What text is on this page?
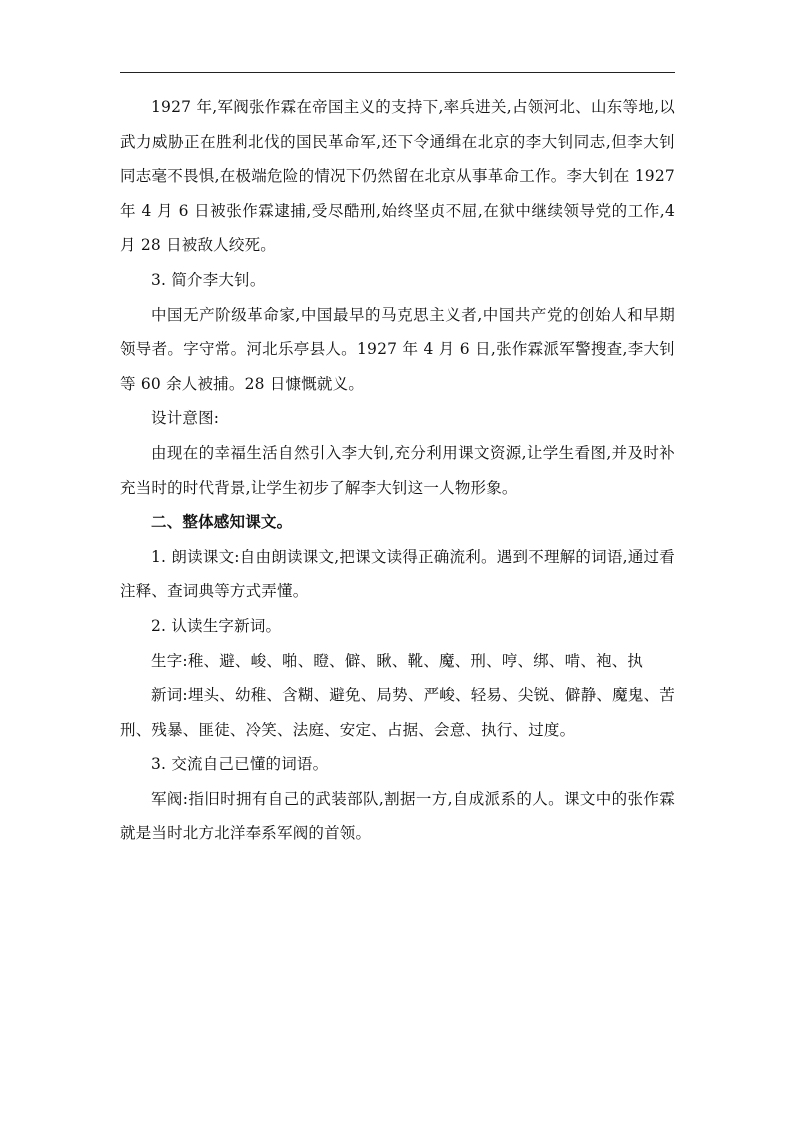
1927 年,军阀张作霖在帝国主义的支持下,率兵进关,占领河北、山东等地,以武力威胁正在胜利北伐的国民革命军,还下令通缉在北京的李大钊同志,但李大钊同志毫不畏惧,在极端危险的情况下仍然留在北京从事革命工作。李大钊在 1927 年 4 月 6 日被张作霖逮捕,受尽酷刑,始终坚贞不屈,在狱中继续领导党的工作,4 月 28 日被敌人绞死。

3. 简介李大钊。

中国无产阶级革命家,中国最早的马克思主义者,中国共产党的创始人和早期领导者。字守常。河北乐亭县人。1927 年 4 月 6 日,张作霖派军警搜查,李大钊等 60 余人被捕。28 日慷慨就义。

设计意图:

由现在的幸福生活自然引入李大钊,充分利用课文资源,让学生看图,并及时补充当时的时代背景,让学生初步了解李大钊这一人物形象。

二、整体感知课文。

1. 朗读课文:自由朗读课文,把课文读得正确流利。遇到不理解的词语,通过看注释、查词典等方式弄懂。

2. 认读生字新词。

生字:稚、避、峻、啪、瞪、僻、瞅、靴、魔、刑、哼、绑、啃、袍、执

新词:埋头、幼稚、含糊、避免、局势、严峻、轻易、尖锐、僻静、魔鬼、苦刑、残暴、匪徒、冷笑、法庭、安定、占据、会意、执行、过度。

3. 交流自己已懂的词语。

军阀:指旧时拥有自己的武装部队,割据一方,自成派系的人。课文中的张作霖就是当时北方北洋奉系军阀的首领。
